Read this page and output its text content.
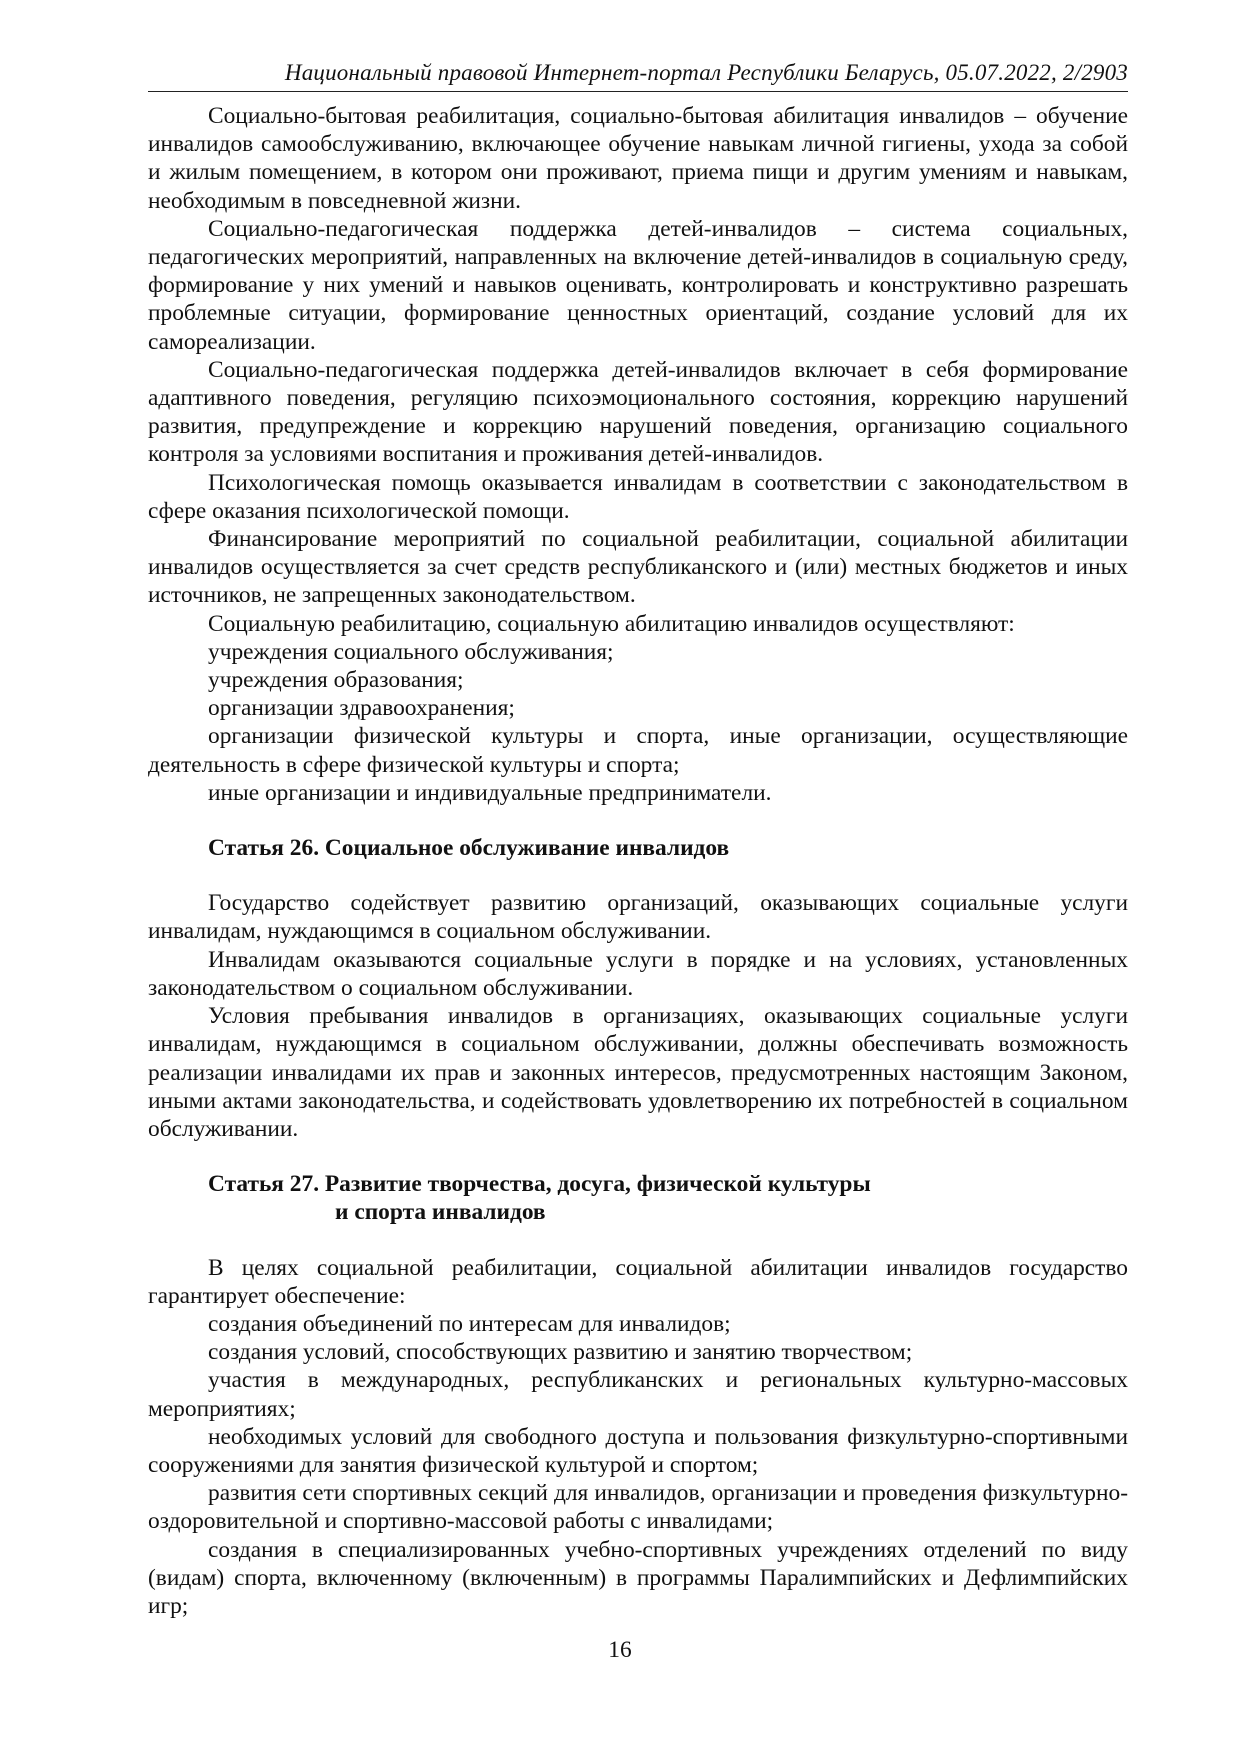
Национальный правовой Интернет-портал Республики Беларусь, 05.07.2022, 2/2903

Социально-бытовая реабилитация, социально-бытовая абилитация инвалидов – обучение инвалидов самообслуживанию, включающее обучение навыкам личной гигиены, ухода за собой и жилым помещением, в котором они проживают, приема пищи и другим умениям и навыкам, необходимым в повседневной жизни.

Социально-педагогическая поддержка детей-инвалидов – система социальных, педагогических мероприятий, направленных на включение детей-инвалидов в социальную среду, формирование у них умений и навыков оценивать, контролировать и конструктивно разрешать проблемные ситуации, формирование ценностных ориентаций, создание условий для их самореализации.

Социально-педагогическая поддержка детей-инвалидов включает в себя формирование адаптивного поведения, регуляцию психоэмоционального состояния, коррекцию нарушений развития, предупреждение и коррекцию нарушений поведения, организацию социального контроля за условиями воспитания и проживания детей-инвалидов.

Психологическая помощь оказывается инвалидам в соответствии с законодательством в сфере оказания психологической помощи.

Финансирование мероприятий по социальной реабилитации, социальной абилитации инвалидов осуществляется за счет средств республиканского и (или) местных бюджетов и иных источников, не запрещенных законодательством.

Социальную реабилитацию, социальную абилитацию инвалидов осуществляют:

учреждения социального обслуживания;

учреждения образования;

организации здравоохранения;

организации физической культуры и спорта, иные организации, осуществляющие деятельность в сфере физической культуры и спорта;

иные организации и индивидуальные предприниматели.

Статья 26. Социальное обслуживание инвалидов

Государство содействует развитию организаций, оказывающих социальные услуги инвалидам, нуждающимся в социальном обслуживании.

Инвалидам оказываются социальные услуги в порядке и на условиях, установленных законодательством о социальном обслуживании.

Условия пребывания инвалидов в организациях, оказывающих социальные услуги инвалидам, нуждающимся в социальном обслуживании, должны обеспечивать возможность реализации инвалидами их прав и законных интересов, предусмотренных настоящим Законом, иными актами законодательства, и содействовать удовлетворению их потребностей в социальном обслуживании.

Статья 27. Развитие творчества, досуга, физической культуры
и спорта инвалидов

В целях социальной реабилитации, социальной абилитации инвалидов государство гарантирует обеспечение:

создания объединений по интересам для инвалидов;

создания условий, способствующих развитию и занятию творчеством;

участия в международных, республиканских и региональных культурно-массовых мероприятиях;

необходимых условий для свободного доступа и пользования физкультурно-спортивными сооружениями для занятия физической культурой и спортом;

развития сети спортивных секций для инвалидов, организации и проведения физкультурно-оздоровительной и спортивно-массовой работы с инвалидами;

создания в специализированных учебно-спортивных учреждениях отделений по виду (видам) спорта, включенному (включенным) в программы Паралимпийских и Дефлимпийских игр;

16
